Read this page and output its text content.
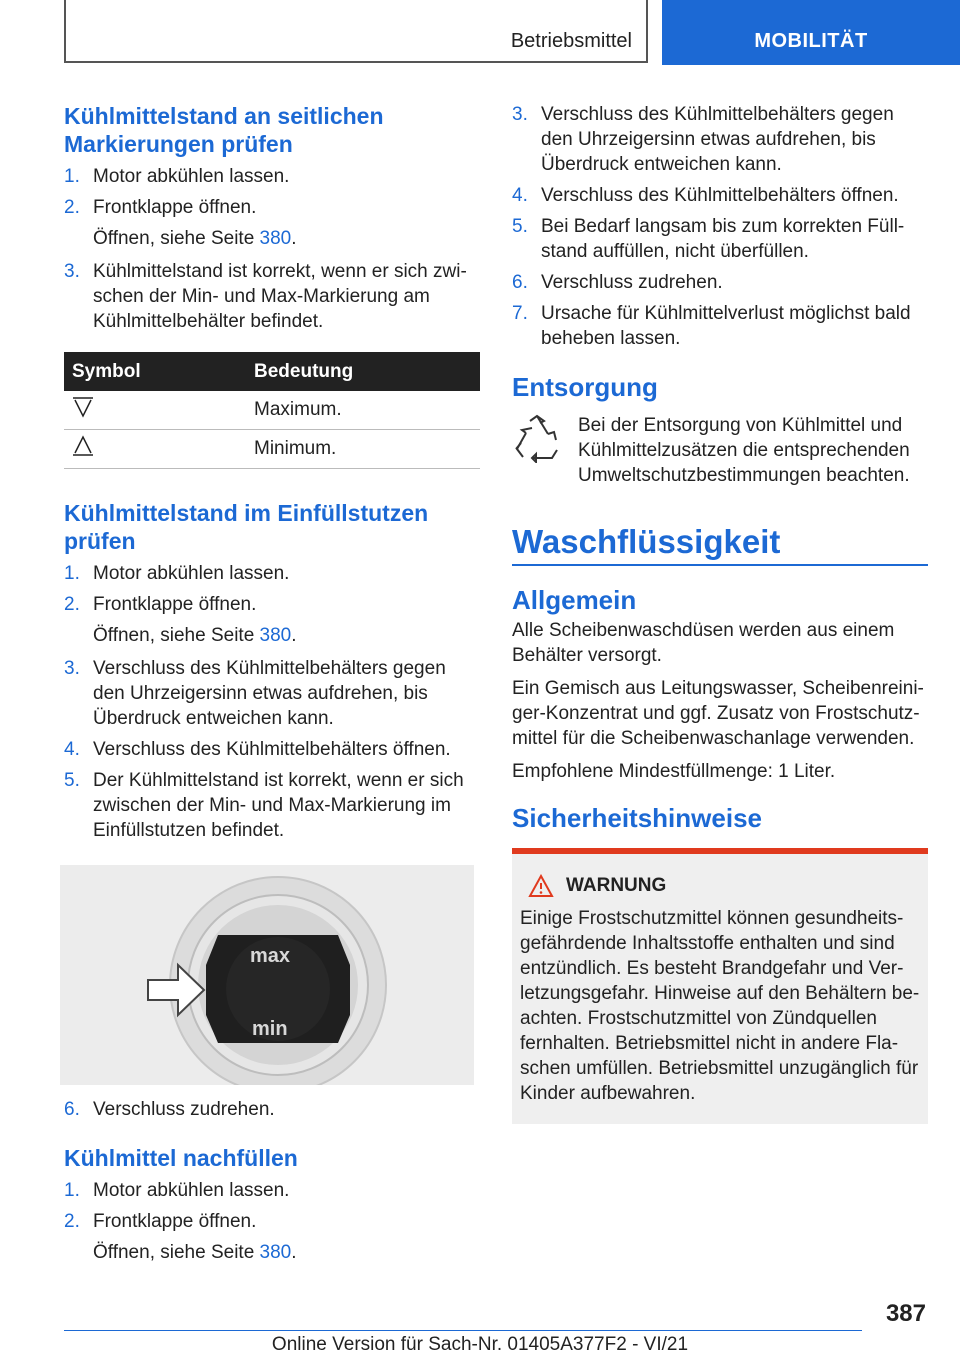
Betriebsmittel	MOBILITÄT
Kühlmittelstand an seitlichen Markierungen prüfen
1. Motor abkühlen lassen.
2. Frontklappe öffnen.
Öffnen, siehe Seite 380.
3. Kühlmittelstand ist korrekt, wenn er sich zwi-schen der Min- und Max-Markierung am Kühlmittelbehälter befindet.
Symbol	Bedeutung
	Maximum.
	Minimum.
Kühlmittelstand im Einfüllstutzen prüfen
1. Motor abkühlen lassen.
2. Frontklappe öffnen.
Öffnen, siehe Seite 380.
3. Verschluss des Kühlmittelbehälters gegen den Uhrzeigersinn etwas aufdrehen, bis Überdruck entweichen kann.
4. Verschluss des Kühlmittelbehälters öffnen.
5. Der Kühlmittelstand ist korrekt, wenn er sich zwischen der Min- und Max-Markierung im Einfüllstutzen befindet.
max
min
6. Verschluss zudrehen.
Kühlmittel nachfüllen
1. Motor abkühlen lassen.
2. Frontklappe öffnen.
Öffnen, siehe Seite 380.
3. Verschluss des Kühlmittelbehälters gegen den Uhrzeigersinn etwas aufdrehen, bis Überdruck entweichen kann.
4. Verschluss des Kühlmittelbehälters öffnen.
5. Bei Bedarf langsam bis zum korrekten Füll-stand auffüllen, nicht überfüllen.
6. Verschluss zudrehen.
7. Ursache für Kühlmittelverlust möglichst bald beheben lassen.
Entsorgung
Bei der Entsorgung von Kühlmittel und Kühlmittelzusätzen die entsprechenden Umweltschutzbestimmungen beachten.
Waschflüssigkeit
Allgemein

Alle Scheibenwaschdüsen werden aus einem Behälter versorgt.

Ein Gemisch aus Leitungswasser, Scheibenreini-ger-Konzentrat und ggf. Zusatz von Frostschutz-mittel für die Scheibenwaschanlage verwenden.

Empfohlene Mindestfüllmenge: 1 Liter.

Sicherheitshinweise
WARNUNG
Einige Frostschutzmittel können gesundheits-gefährdende Inhaltsstoffe enthalten und sind entzündlich. Es besteht Brandgefahr und Ver-letzungsgefahr. Hinweise auf den Behältern be-achten. Frostschutzmittel von Zündquellen fernhalten. Betriebsmittel nicht in andere Fla-schen umfüllen. Betriebsmittel unzugänglich für Kinder aufbewahren.
387
Online Version für Sach-Nr. 01405A377F2 - VI/21
